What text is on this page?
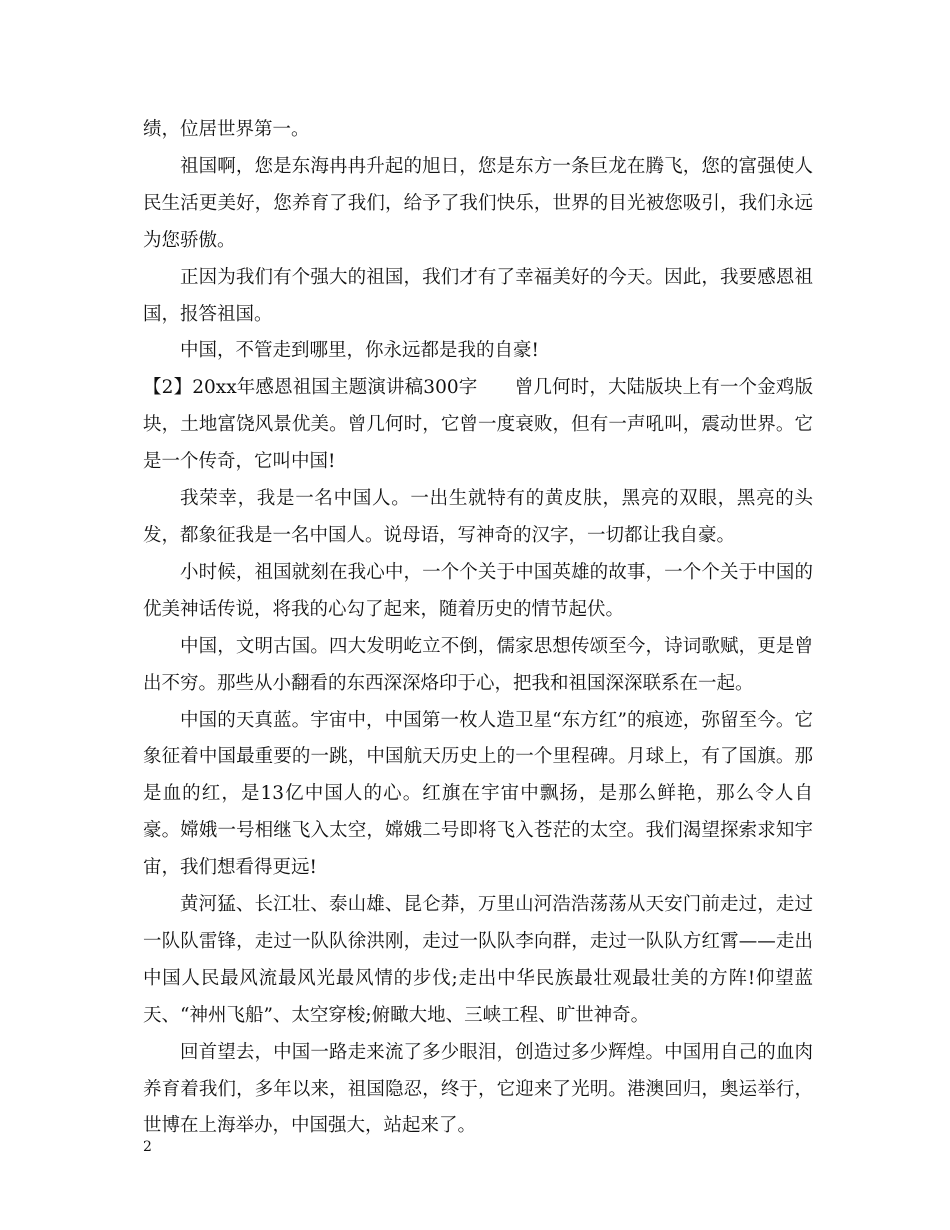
绩，位居世界第一。

祖国啊，您是东海冉冉升起的旭日，您是东方一条巨龙在腾飞，您的富强使人民生活更美好，您养育了我们，给予了我们快乐，世界的目光被您吸引，我们永远为您骄傲。

正因为我们有个强大的祖国，我们才有了幸福美好的今天。因此，我要感恩祖国，报答祖国。

中国，不管走到哪里，你永远都是我的自豪!

【2】20xx年感恩祖国主题演讲稿300字　　曾几何时，大陆版块上有一个金鸡版块，土地富饶风景优美。曾几何时，它曾一度衰败，但有一声吼叫，震动世界。它是一个传奇，它叫中国!

我荣幸，我是一名中国人。一出生就特有的黄皮肤，黑亮的双眼，黑亮的头发，都象征我是一名中国人。说母语，写神奇的汉字，一切都让我自豪。

小时候，祖国就刻在我心中，一个个关于中国英雄的故事，一个个关于中国的优美神话传说，将我的心勾了起来，随着历史的情节起伏。

中国，文明古国。四大发明屹立不倒，儒家思想传颂至今，诗词歌赋，更是曾出不穷。那些从小翻看的东西深深烙印于心，把我和祖国深深联系在一起。

中国的天真蓝。宇宙中，中国第一枚人造卫星“东方红”的痕迹，弥留至今。它象征着中国最重要的一跳，中国航天历史上的一个里程碑。月球上，有了国旗。那是血的红，是13亿中国人的心。红旗在宇宙中飘扬，是那么鲜艳，那么令人自豪。嫦娥一号相继飞入太空，嫦娥二号即将飞入苍茫的太空。我们渴望探索求知宇宙，我们想看得更远!

黄河猛、长江壮、泰山雄、昆仑莽，万里山河浩浩荡荡从天安门前走过，走过一队队雷锋，走过一队队徐洪刚，走过一队队李向群，走过一队队方红霄——走出中国人民最风流最风光最风情的步伐;走出中华民族最壮观最壮美的方阵!仰望蓝天、“神州飞船”、太空穿梭;俯瞰大地、三峡工程、旷世神奇。

回首望去，中国一路走来流了多少眼泪，创造过多少辉煌。中国用自己的血肉养育着我们，多年以来，祖国隐忍，终于，它迎来了光明。港澳回归，奥运举行，世博在上海举办，中国强大，站起来了。

2
